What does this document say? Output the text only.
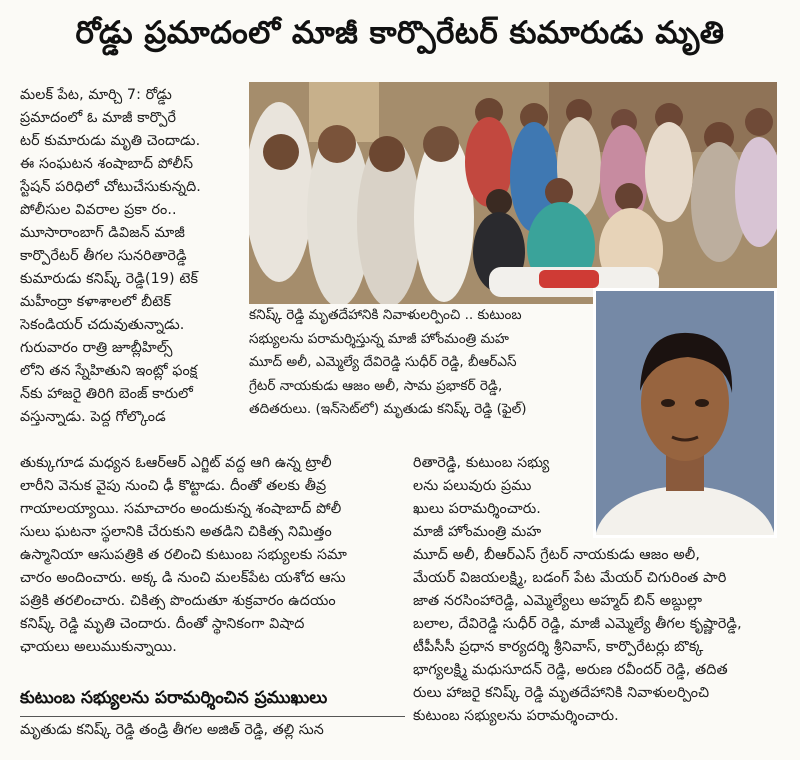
రోడ్డు ప్రమాదంలో మాజీ కార్పొరేటర్ కుమారుడు మృతి
మలక్ పేట, మార్చి 7: రోడ్డు
ప్రమాదంలో ఓ మాజీ కార్పొరే
టర్ కుమారుడు మృతి చెందాడు.
ఈ సంఘటన శంషాబాద్ పోలీస్
స్టేషన్ పరిధిలో చోటుచేసుకున్నది.
పోలీసుల వివరాల ప్రకా రం..
మూసారాంబాగ్ డివిజన్ మాజీ
కార్పొరేటర్ తీగల సునరితారెడ్డి
కుమారుడు కనిష్క్ రెడ్డి(19) టెక్
మహీంద్రా కళాశాలలో బీటెక్
సెకండియర్ చదువుతున్నాడు.
గురువారం రాత్రి జూబ్లీహిల్స్
లోని తన స్నేహితుని ఇంట్లో ఫంక్ష
న్‌కు హాజరై తిరిగి బెంజ్ కారులో
వస్తున్నాడు. పెద్ద గోల్కొండ
కనిష్క్ రెడ్డి మృతదేహానికి నివాళులర్పించి .. కుటుంబ
సభ్యులను పరామర్శిస్తున్న మాజీ హోంమంత్రి మహ
మూద్ అలీ, ఎమ్మెల్యే దేవిరెడ్డి సుధీర్ రెడ్డి, బీఆర్ఎస్
గ్రేటర్ నాయకుడు ఆజం అలీ, సామ ప్రభాకర్ రెడ్డి,
తదితరులు. (ఇన్‌సెట్‌లో) మృతుడు కనిష్క్ రెడ్డి (ఫైల్)
తుక్కుగూడ మధ్యన ఓఆర్ఆర్ ఎగ్జిట్ వద్ద ఆగి ఉన్న ట్రాలీ
లారీని వెనుక వైపు నుంచి ఢీ కొట్టాడు. దీంతో తలకు తీవ్ర
గాయాలయ్యాయి. సమాచారం అందుకున్న శంషాబాద్ పోలీ
సులు ఘటనా స్థలానికి చేరుకుని అతడిని చికిత్స నిమిత్తం
ఉస్మానియా ఆసుపత్రికి త రలించి కుటుంబ సభ్యులకు సమా
చారం అందించారు. అక్క డి నుంచి మలక్‌పేట యశోద ఆసు
పత్రికి తరలించారు. చికిత్స పొందుతూ శుక్రవారం ఉదయం
కనిష్క్ రెడ్డి మృతి చెందారు. దీంతో స్థానికంగా విషాద
ఛాయలు అలుముకున్నాయి.
రితారెడ్డి, కుటుంబ సభ్యు
లను పలువురు ప్రము
ఖులు పరామర్శించారు.
మాజీ హోంమంత్రి మహ
మూద్ అలీ, బీఆర్ఎస్ గ్రేటర్ నాయకుడు ఆజం అలీ,
మేయర్ విజయలక్ష్మి, బడంగ్ పేట మేయర్ చిగురింత పారి
జాత నరసింహారెడ్డి, ఎమ్మెల్యేలు అహ్మద్ బిన్ అబ్దుల్లా
బలాల, దేవిరెడ్డి సుధీర్ రెడ్డి, మాజీ ఎమ్మెల్యే తీగల కృష్ణారెడ్డి,
టీపీసీసీ ప్రధాన కార్యదర్శి శ్రీనివాస్, కార్పొరేటర్లు బొక్క
భాగ్యలక్ష్మి మధుసూదన్ రెడ్డి, అరుణ రవీందర్ రెడ్డి, తదిత
రులు హాజరై కనిష్క్ రెడ్డి మృతదేహానికి నివాళులర్పించి
కుటుంబ సభ్యులను పరామర్శించారు.
కుటుంబ సభ్యులను పరామర్శించిన ప్రముఖులు
మృతుడు కనిష్క్ రెడ్డి తండ్రి తీగల అజిత్ రెడ్డి, తల్లి సున
